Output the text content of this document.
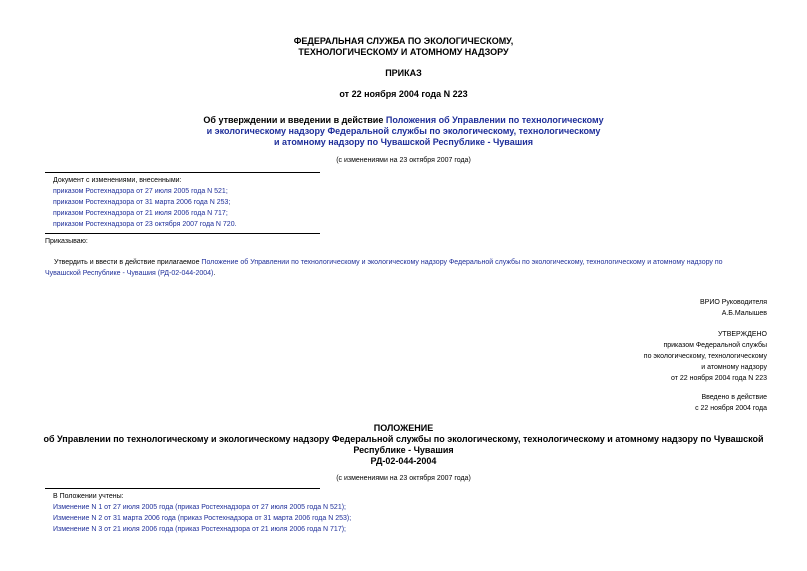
ФЕДЕРАЛЬНАЯ СЛУЖБА ПО ЭКОЛОГИЧЕСКОМУ,
ТЕХНОЛОГИЧЕСКОМУ И АТОМНОМУ НАДЗОРУ
ПРИКАЗ
от 22 ноября 2004 года N 223
Об утверждении и введении в действие Положения об Управлении по технологическому
и экологическому надзору Федеральной службы по экологическому, технологическому
и атомному надзору по Чувашской Республике - Чувашия
(с изменениями на 23 октября 2007 года)
Документ с изменениями, внесенными:
приказом Ростехнадзора от 27 июля 2005 года N 521;
приказом Ростехнадзора от 31 марта 2006 года N 253;
приказом Ростехнадзора от 21 июля 2006 года N 717;
приказом Ростехнадзора от 23 октября 2007 года N 720.
Приказываю:
Утвердить и ввести в действие прилагаемое Положение об Управлении по технологическому и экологическому надзору Федеральной службы по экологическому, технологическому и атомному надзору по
Чувашской Республике - Чувашия (РД-02-044-2004).
ВРИО Руководителя
А.Б.Малышев
УТВЕРЖДЕНО
приказом Федеральной службы
по экологическому, технологическому
и атомному надзору
от 22 ноября 2004 года N 223
Введено в действие
с 22 ноября 2004 года
ПОЛОЖЕНИЕ
об Управлении по технологическому и экологическому надзору Федеральной службы по экологическому, технологическому и атомному надзору по Чувашской
Республике - Чувашия
РД-02-044-2004
(с изменениями на 23 октября 2007 года)
В Положении учтены:
Изменение N 1 от 27 июля 2005 года (приказ Ростехнадзора от 27 июля 2005 года N 521);
Изменение N 2 от 31 марта 2006 года (приказ Ростехнадзора от 31 марта 2006 года N 253);
Изменение N 3 от 21 июля 2006 года (приказ Ростехнадзора от 21 июля 2006 года N 717);
